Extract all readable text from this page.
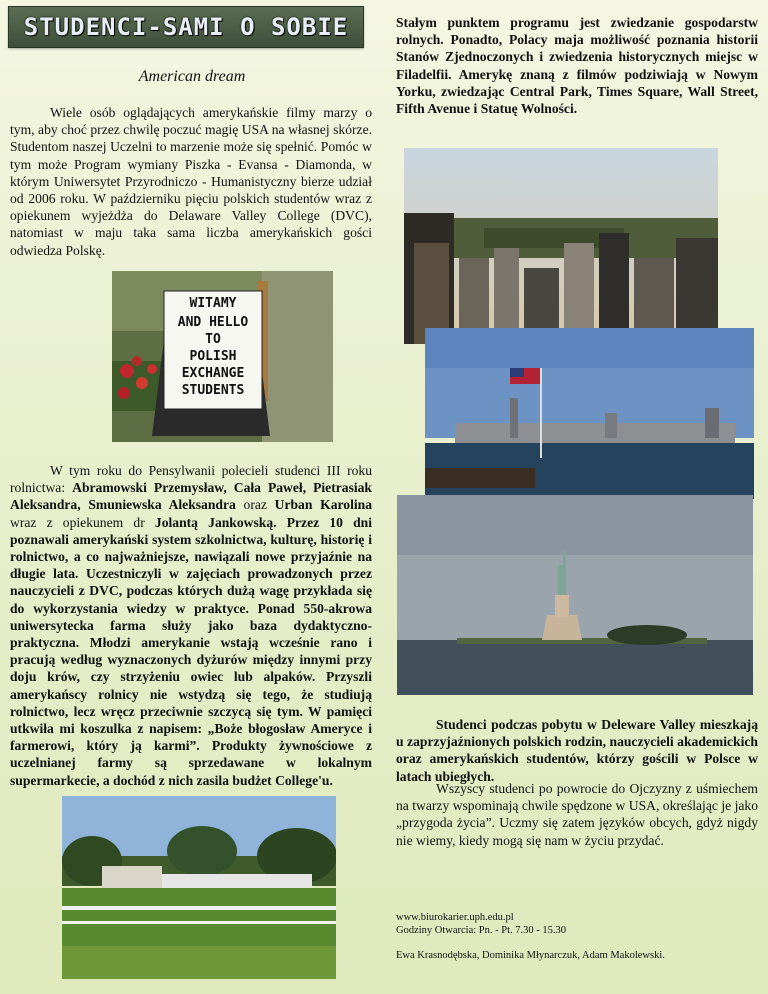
STUDENCI-SAMI O SOBIE
American dream
Wiele osób oglądających amerykańskie filmy marzy o tym, aby choć przez chwilę poczuć magię USA na własnej skórze. Studentom naszej Uczelni to marzenie może się spełnić. Pomóc w tym może Program wymiany Piszka - Evansa - Diamonda, w którym Uniwersytet Przyrodniczo - Humanistyczny bierze udział od 2006 roku. W październiku pięciu polskich studentów wraz z opiekunem wyjeżdża do Delaware Valley College (DVC), natomiast w maju taka sama liczba amerykańskich gości odwiedza Polskę.
WITAMY
AND HELLO
TO
POLISH
EXCHANGE
STUDENTS
W tym roku do Pensylwanii polecieli studenci III roku rolnictwa: Abramowski Przemysław, Cała Paweł, Pietrasiak Aleksandra, Smuniewska Aleksandra oraz Urban Karolina wraz z opiekunem dr Jolantą Jankowską. Przez 10 dni poznawali amerykański system szkolnictwa, kulturę, historię i rolnictwo, a co najważniejsze, nawiązali nowe przyjaźnie na długie lata. Uczestniczyli w zajęciach prowadzonych przez nauczycieli z DVC, podczas których dużą wagę przykłada się do wykorzystania wiedzy w praktyce. Ponad 550-akrowa uniwersytecka farma służy jako baza dydaktyczno-praktyczna. Młodzi amerykanie wstają wcześnie rano i pracują według wyznaczonych dyżurów między innymi przy doju krów, czy strzyżeniu owiec lub alpaków. Przyszli amerykańscy rolnicy nie wstydzą się tego, że studiują rolnictwo, lecz wręcz przeciwnie szczycą się tym. W pamięci utkwiła mi koszulka z napisem: „Boże błogosław Ameryce i farmerowi, który ją karmi”. Produkty żywnościowe z uczelnianej farmy są sprzedawane w lokalnym supermarkecie, a dochód z nich zasila budżet College'u.
Stałym punktem programu jest zwiedzanie gospodarstw rolnych. Ponadto, Polacy maja możliwość poznania historii Stanów Zjednoczonych i zwiedzenia historycznych miejsc w Filadelfii. Amerykę znaną z filmów podziwiają w Nowym Yorku, zwiedzając Central Park, Times Square, Wall Street, Fifth Avenue i Statuę Wolności.
Studenci podczas pobytu w Deleware Valley mieszkają u zaprzyjaźnionych polskich rodzin, nauczycieli akademickich oraz amerykańskich studentów, którzy gościli w Polsce w latach ubiegłych.
Wszyscy studenci po powrocie do Ojczyzny z uśmiechem na twarzy wspominają chwile spędzone w USA, określając je jako „przygoda życia”. Uczmy się zatem języków obcych, gdyż nigdy nie wiemy, kiedy mogą się nam w życiu przydać.
www.biurokarier.uph.edu.pl
Godziny Otwarcia: Pn. - Pt. 7.30 - 15.30
Ewa Krasnodębska, Dominika Młynarczuk, Adam Makolewski.
